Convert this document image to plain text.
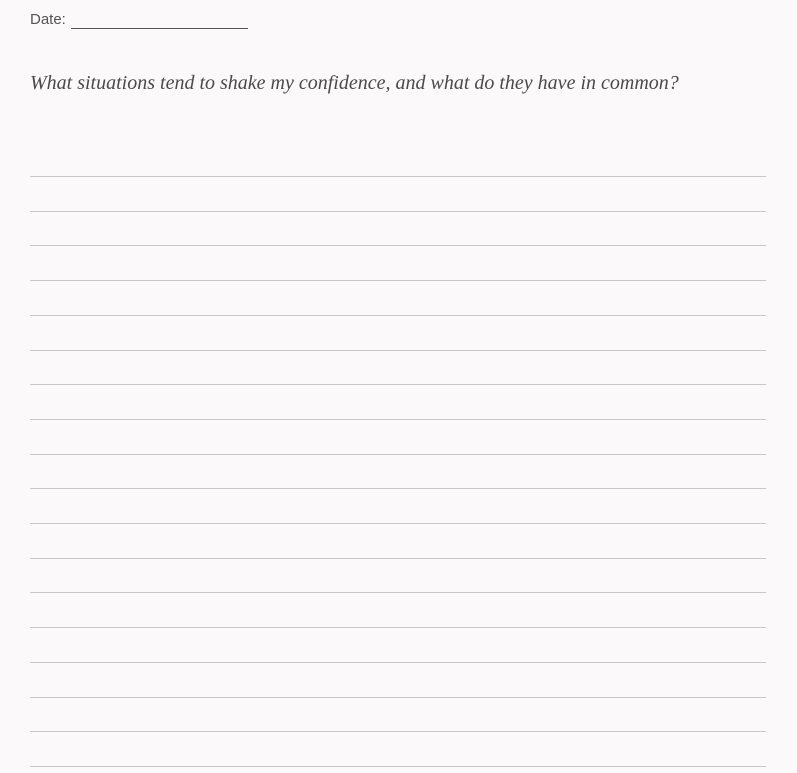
Date:

What situations tend to shake my confidence, and what do they have in common?
